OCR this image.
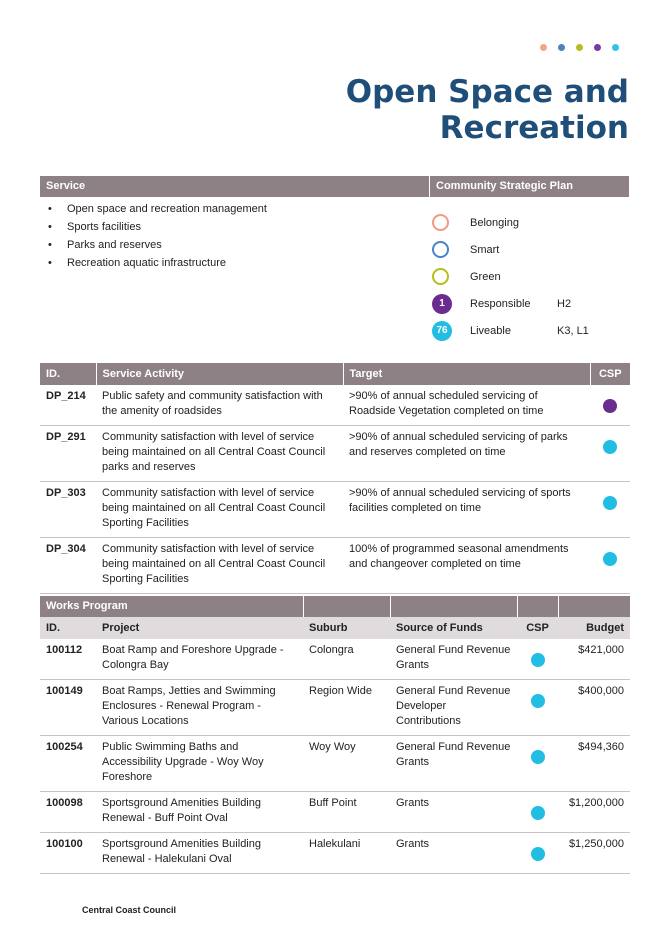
Open Space and
Recreation
Service	Community Strategic Plan
•	Open space and recreation management
•	Sports facilities
•	Parks and reserves
•	Recreation aquatic infrastructure
Belonging
Smart
Green
1	Responsible H2
76	Liveable	K3, L1
ID.	Service Activity	Target	CSP
DP_214	Public safety and community satisfaction with the amenity of roadsides	>90% of annual scheduled servicing of Roadside Vegetation completed on time	

DP_291	Community satisfaction with level of service being maintained on all Central Coast Council parks and reserves	>90% of annual scheduled servicing of parks and reserves completed on time	

DP_303	Community satisfaction with level of service being maintained on all Central Coast Council Sporting Facilities	>90% of annual scheduled servicing of sports facilities completed on time	

DP_304	Community satisfaction with level of service being maintained on all Central Coast Council Sporting Facilities	100% of programmed seasonal amendments and changeover completed on time	
Works Program					
ID.	Project	Suburb	Source of Funds	CSP	Budget
100112	Boat Ramp and Foreshore Upgrade - Colongra Bay	Colongra	General Fund Revenue Grants		$421,000
100149	Boat Ramps, Jetties and Swimming Enclosures - Renewal Program - Various Locations	Region Wide	General Fund Revenue Developer Contributions		$400,000
100254	Public Swimming Baths and Accessibility Upgrade - Woy Woy Foreshore	Woy Woy	General Fund Revenue Grants		$494,360
100098	Sportsground Amenities Building Renewal - Buff Point Oval	Buff Point	Grants		$1,200,000
100100	Sportsground Amenities Building Renewal - Halekulani Oval	Halekulani	Grants		$1,250,000
Central Coast Council
